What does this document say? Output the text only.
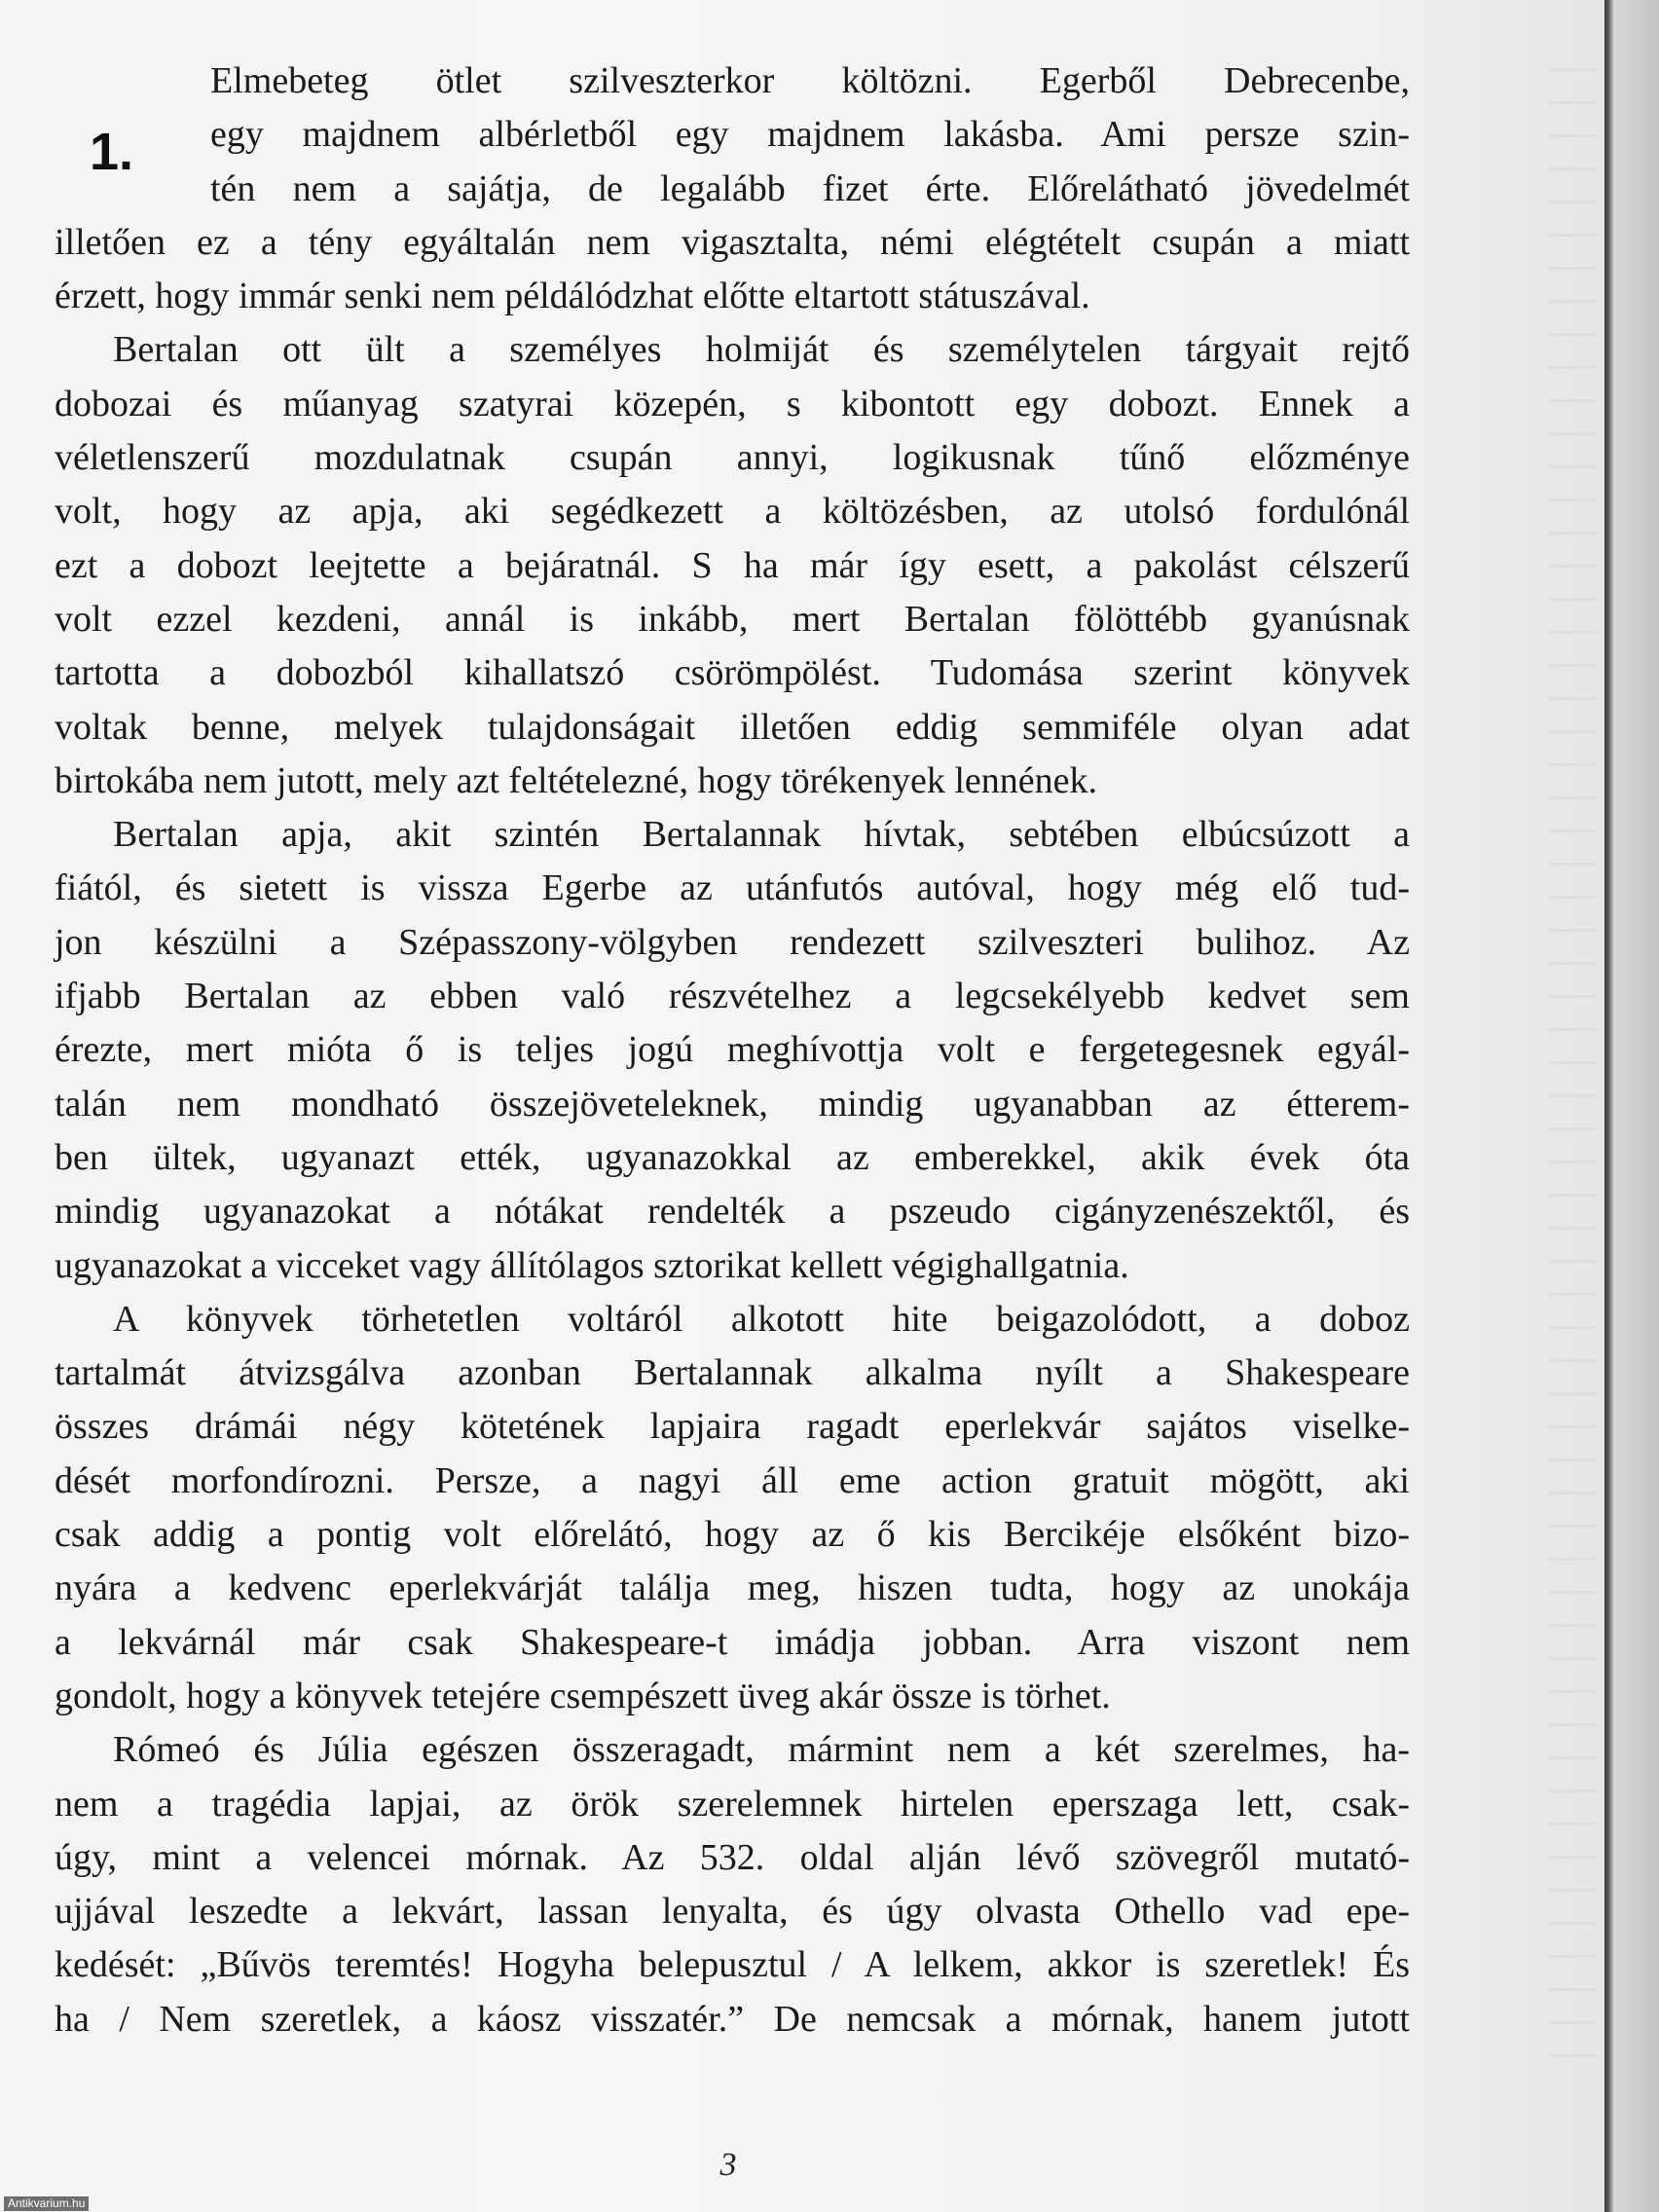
1.
Elmebeteg ötlet szilveszterkor költözni. Egerből Debrecenbe,
egy majdnem albérletből egy majdnem lakásba. Ami persze szin-
tén nem a sajátja, de legalább fizet érte. Előrelátható jövedelmét
illetően ez a tény egyáltalán nem vigasztalta, némi elégtételt csupán a miatt
érzett, hogy immár senki nem példálódzhat előtte eltartott státuszával.
Bertalan ott ült a személyes holmiját és személytelen tárgyait rejtő
dobozai és műanyag szatyrai közepén, s kibontott egy dobozt. Ennek a
véletlenszerű mozdulatnak csupán annyi, logikusnak tűnő előzménye
volt, hogy az apja, aki segédkezett a költözésben, az utolsó fordulónál
ezt a dobozt leejtette a bejáratnál. S ha már így esett, a pakolást célszerű
volt ezzel kezdeni, annál is inkább, mert Bertalan fölöttébb gyanúsnak
tartotta a dobozból kihallatszó csörömpölést. Tudomása szerint könyvek
voltak benne, melyek tulajdonságait illetően eddig semmiféle olyan adat
birtokába nem jutott, mely azt feltételezné, hogy törékenyek lennének.
Bertalan apja, akit szintén Bertalannak hívtak, sebtében elbúcsúzott a
fiától, és sietett is vissza Egerbe az utánfutós autóval, hogy még elő tud-
jon készülni a Szépasszony-völgyben rendezett szilveszteri bulihoz. Az
ifjabb Bertalan az ebben való részvételhez a legcsekélyebb kedvet sem
érezte, mert mióta ő is teljes jogú meghívottja volt e fergetegesnek egyál-
talán nem mondható összejöveteleknek, mindig ugyanabban az étterem-
ben ültek, ugyanazt ették, ugyanazokkal az emberekkel, akik évek óta
mindig ugyanazokat a nótákat rendelték a pszeudo cigányzenészektől, és
ugyanazokat a vicceket vagy állítólagos sztorikat kellett végighallgatnia.
A könyvek törhetetlen voltáról alkotott hite beigazolódott, a doboz
tartalmát átvizsgálva azonban Bertalannak alkalma nyílt a Shakespeare
összes drámái négy kötetének lapjaira ragadt eperlekvár sajátos viselke-
dését morfondírozni. Persze, a nagyi áll eme action gratuit mögött, aki
csak addig a pontig volt előrelátó, hogy az ő kis Bercikéje elsőként bizo-
nyára a kedvenc eperlekvárját találja meg, hiszen tudta, hogy az unokája
a lekvárnál már csak Shakespeare-t imádja jobban. Arra viszont nem
gondolt, hogy a könyvek tetejére csempészett üveg akár össze is törhet.
Rómeó és Júlia egészen összeragadt, mármint nem a két szerelmes, ha-
nem a tragédia lapjai, az örök szerelemnek hirtelen eperszaga lett, csak-
úgy, mint a velencei mórnak. Az 532. oldal alján lévő szövegről mutató-
ujjával leszedte a lekvárt, lassan lenyalta, és úgy olvasta Othello vad epe-
kedését: „Bűvös teremtés! Hogyha belepusztul / A lelkem, akkor is szeretlek! És
ha / Nem szeretlek, a káosz visszatér.” De nemcsak a mórnak, hanem jutott
3
Antikvarium.hu
